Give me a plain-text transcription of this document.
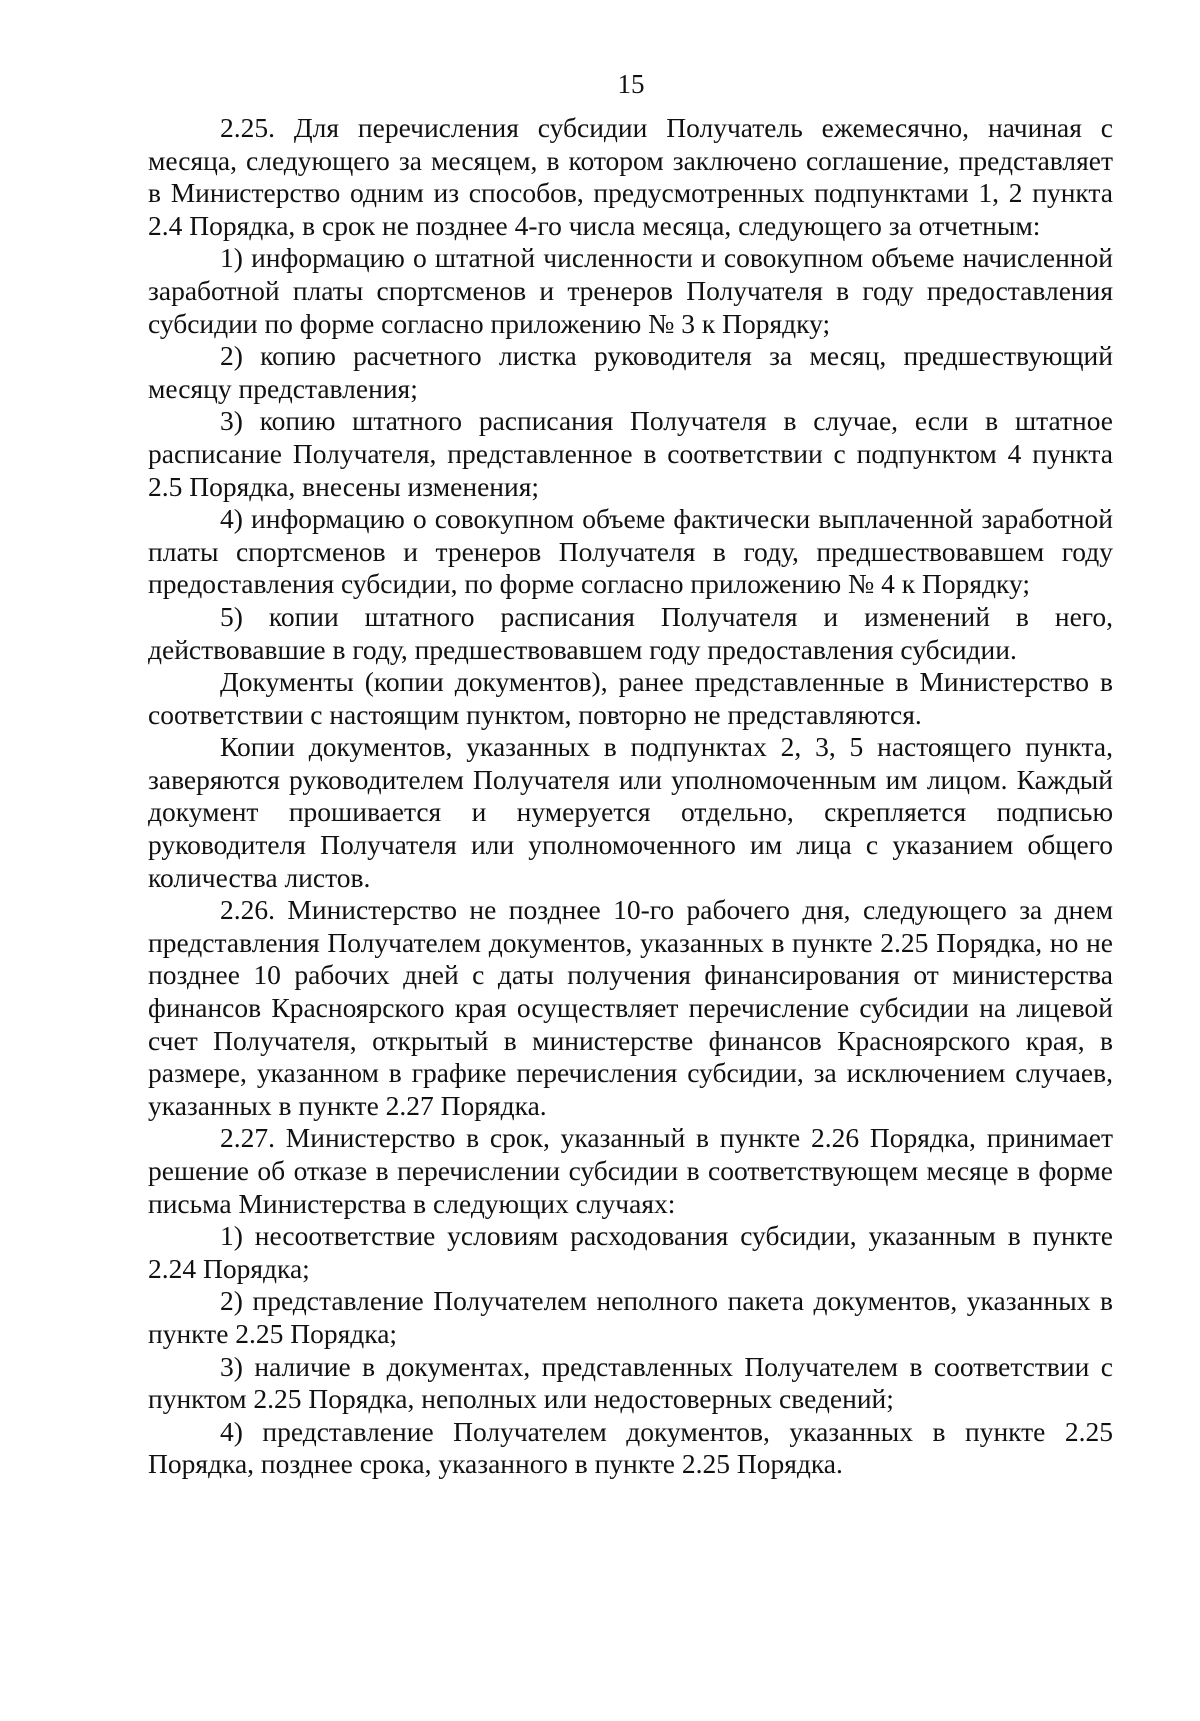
15

2.25. Для перечисления субсидии Получатель ежемесячно, начиная с месяца, следующего за месяцем, в котором заключено соглашение, представляет в Министерство одним из способов, предусмотренных подпунктами 1, 2 пункта 2.4 Порядка, в срок не позднее 4-го числа месяца, следующего за отчетным:

1) информацию о штатной численности и совокупном объеме начисленной заработной платы спортсменов и тренеров Получателя в году предоставления субсидии по форме согласно приложению № 3 к Порядку;

2) копию расчетного листка руководителя за месяц, предшествующий месяцу представления;

3) копию штатного расписания Получателя в случае, если в штатное расписание Получателя, представленное в соответствии с подпунктом 4 пункта 2.5 Порядка, внесены изменения;

4) информацию о совокупном объеме фактически выплаченной заработной платы спортсменов и тренеров Получателя в году, предшествовавшем году предоставления субсидии, по форме согласно приложению № 4 к Порядку;

5) копии штатного расписания Получателя и изменений в него, действовавшие в году, предшествовавшем году предоставления субсидии.

Документы (копии документов), ранее представленные в Министерство в соответствии с настоящим пунктом, повторно не представляются.

Копии документов, указанных в подпунктах 2, 3, 5 настоящего пункта, заверяются руководителем Получателя или уполномоченным им лицом. Каждый документ прошивается и нумеруется отдельно, скрепляется подписью руководителя Получателя или уполномоченного им лица с указанием общего количества листов.

2.26. Министерство не позднее 10-го рабочего дня, следующего за днем представления Получателем документов, указанных в пункте 2.25 Порядка, но не позднее 10 рабочих дней с даты получения финансирования от министерства финансов Красноярского края осуществляет перечисление субсидии на лицевой счет Получателя, открытый в министерстве финансов Красноярского края, в размере, указанном в графике перечисления субсидии, за исключением случаев, указанных в пункте 2.27 Порядка.

2.27. Министерство в срок, указанный в пункте 2.26 Порядка, принимает решение об отказе в перечислении субсидии в соответствующем месяце в форме письма Министерства в следующих случаях:

1) несоответствие условиям расходования субсидии, указанным в пункте 2.24 Порядка;

2) представление Получателем неполного пакета документов, указанных в пункте 2.25 Порядка;

3) наличие в документах, представленных Получателем в соответствии с пунктом 2.25 Порядка, неполных или недостоверных сведений;

4) представление Получателем документов, указанных в пункте 2.25 Порядка, позднее срока, указанного в пункте 2.25 Порядка.
